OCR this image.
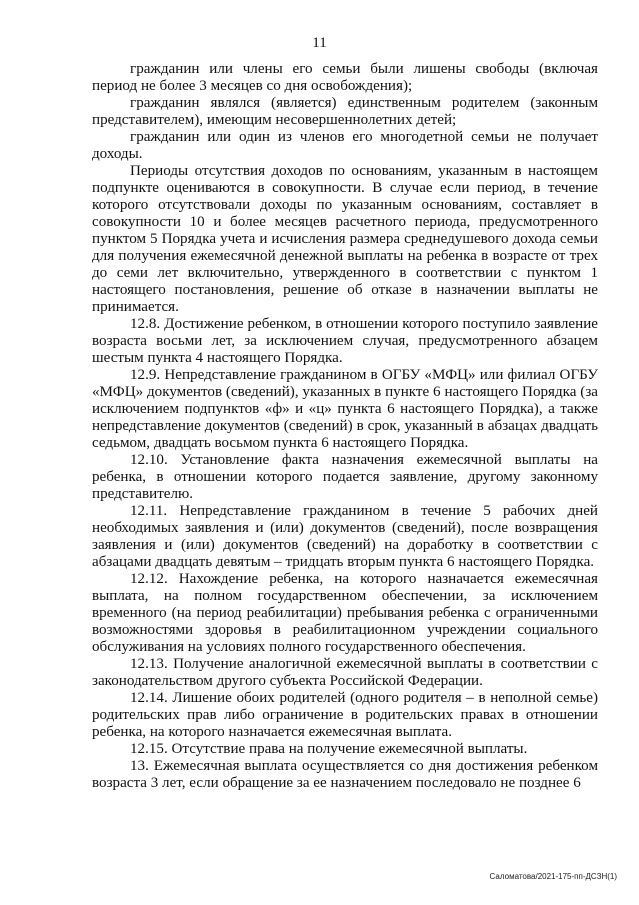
11

гражданин или члены его семьи были лишены свободы (включая период не более 3 месяцев со дня освобождения);

гражданин являлся (является) единственным родителем (законным представителем), имеющим несовершеннолетних детей;

гражданин или один из членов его многодетной семьи не получает доходы.

Периоды отсутствия доходов по основаниям, указанным в настоящем подпункте оцениваются в совокупности. В случае если период, в течение которого отсутствовали доходы по указанным основаниям, составляет в совокупности 10 и более месяцев расчетного периода, предусмотренного пунктом 5 Порядка учета и исчисления размера среднедушевого дохода семьи для получения ежемесячной денежной выплаты на ребенка в возрасте от трех до семи лет включительно, утвержденного в соответствии с пунктом 1 настоящего постановления, решение об отказе в назначении выплаты не принимается.

12.8. Достижение ребенком, в отношении которого поступило заявление возраста восьми лет, за исключением случая, предусмотренного абзацем шестым пункта 4 настоящего Порядка.

12.9. Непредставление гражданином в ОГБУ «МФЦ» или филиал ОГБУ «МФЦ» документов (сведений), указанных в пункте 6 настоящего Порядка (за исключением подпунктов «ф» и «ц» пункта 6 настоящего Порядка), а также непредставление документов (сведений) в срок, указанный в абзацах двадцать седьмом, двадцать восьмом пункта 6 настоящего Порядка.

12.10. Установление факта назначения ежемесячной выплаты на ребенка, в отношении которого подается заявление, другому законному представителю.

12.11. Непредставление гражданином в течение 5 рабочих дней необходимых заявления и (или) документов (сведений), после возвращения заявления и (или) документов (сведений) на доработку в соответствии с абзацами двадцать девятым – тридцать вторым пункта 6 настоящего Порядка.

12.12. Нахождение ребенка, на которого назначается ежемесячная выплата, на полном государственном обеспечении, за исключением временного (на период реабилитации) пребывания ребенка с ограниченными возможностями здоровья в реабилитационном учреждении социального обслуживания на условиях полного государственного обеспечения.

12.13. Получение аналогичной ежемесячной выплаты в соответствии с законодательством другого субъекта Российской Федерации.

12.14. Лишение обоих родителей (одного родителя – в неполной семье) родительских прав либо ограничение в родительских правах в отношении ребенка, на которого назначается ежемесячная выплата.

12.15. Отсутствие права на получение ежемесячной выплаты.

13. Ежемесячная выплата осуществляется со дня достижения ребенком возраста 3 лет, если обращение за ее назначением последовало не позднее 6

Саломатова/2021-175-пп-ДСЗН(1)
